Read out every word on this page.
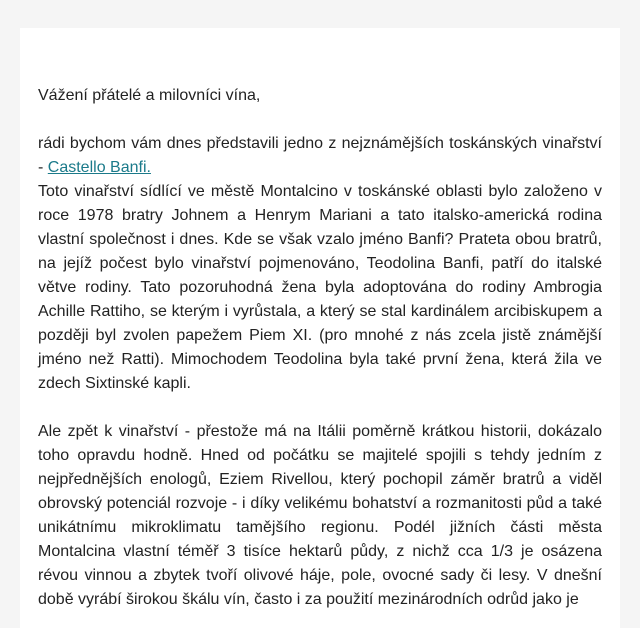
Vážení přátelé a milovníci vína,

rádi bychom vám dnes představili jedno z nejznámějších toskánských vinařství - Castello Banfi.

Toto vinařství sídlící ve městě Montalcino v toskánské oblasti bylo založeno v roce 1978 bratry Johnem a Henrym Mariani a tato italsko-americká rodina vlastní společnost i dnes. Kde se však vzalo jméno Banfi? Prateta obou bratrů, na jejíž počest bylo vinařství pojmenováno, Teodolina Banfi, patří do italské větve rodiny. Tato pozoruhodná žena byla adoptována do rodiny Ambrogia Achille Rattiho, se kterým i vyrůstala, a který se stal kardinálem arcibiskupem a později byl zvolen papežem Piem XI. (pro mnohé z nás zcela jistě známější jméno než Ratti). Mimochodem Teodolina byla také první žena, která žila ve zdech Sixtinské kapli.

Ale zpět k vinařství - přestože má na Itálii poměrně krátkou historii, dokázalo toho opravdu hodně. Hned od počátku se majitelé spojili s tehdy jedním z nejpřednějších enologů, Eziem Rivellou, který pochopil záměr bratrů a viděl obrovský potenciál rozvoje - i díky velikému bohatství a rozmanitosti půd a také unikátnímu mikroklimatu tamějšího regionu. Podél jižních části města Montalcina vlastní téměř 3 tisíce hektarů půdy, z nichž cca 1/3 je osázena révou vinnou a zbytek tvoří olivové háje, pole, ovocné sady či lesy. V dnešní době vyrábí širokou škálu vín, často i za použití mezinárodních odrůd jako je
